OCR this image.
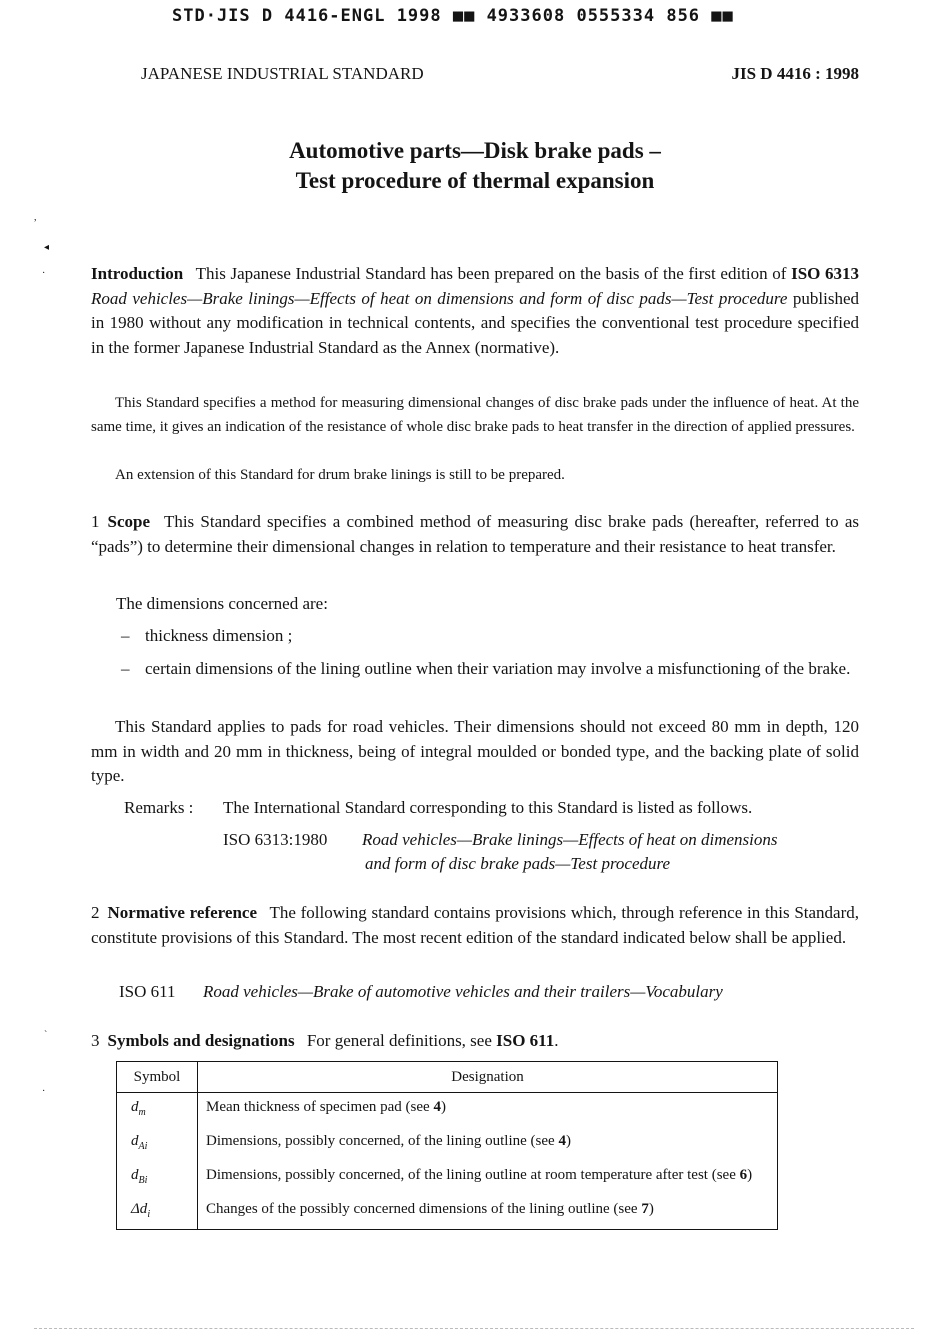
STD·JIS D 4416-ENGL 1998 ■■ 4933608 0555334 856 ■■
JAPANESE INDUSTRIAL STANDARD	JIS D 4416 : 1998
Automotive parts—Disk brake pads –
Test procedure of thermal expansion
,
◂
·	Introduction This Japanese Industrial Standard has been prepared on the basis of the first edition of ISO 6313 Road vehicles—Brake linings—Effects of heat on dimensions and form of disc pads—Test procedure published in 1980 without any modification in technical contents, and specifies the conventional test procedure specified in the former Japanese Industrial Standard as the Annex (normative).
This Standard specifies a method for measuring dimensional changes of disc brake pads under the influence of heat. At the same time, it gives an indication of the resistance of whole disc brake pads to heat transfer in the direction of applied pressures.
An extension of this Standard for drum brake linings is still to be prepared.
1 Scope This Standard specifies a combined method of measuring disc brake pads (hereafter, referred to as “pads”) to determine their dimensional changes in relation to temperature and their resistance to heat transfer.
The dimensions concerned are:
– thickness dimension ;
– certain dimensions of the lining outline when their variation may involve a misfunctioning of the brake.
This Standard applies to pads for road vehicles. Their dimensions should not exceed 80 mm in depth, 120 mm in width and 20 mm in thickness, being of integral moulded or bonded type, and the backing plate of solid type.
Remarks : The International Standard corresponding to this Standard is listed as follows.
ISO 6313:1980 Road vehicles—Brake linings—Effects of heat on dimensions
and form of disc brake pads—Test procedure
2 Normative reference The following standard contains provisions which, through reference in this Standard, constitute provisions of this Standard. The most recent edition of the standard indicated below shall be applied.
ISO 611 Road vehicles—Brake of automotive vehicles and their trailers—Vocabulary
`
·
3 Symbols and designations For general definitions, see ISO 611.
Symbol	Designation
$d_m$	Mean thickness of specimen pad (see 4)
$d_{Ai}$	Dimensions, possibly concerned, of the lining outline (see 4)
$d_{Bi}$	Dimensions, possibly concerned, of the lining outline at room temperature after test (see 6)
$\Delta d_i$	Changes of the possibly concerned dimensions of the lining outline (see 7)
